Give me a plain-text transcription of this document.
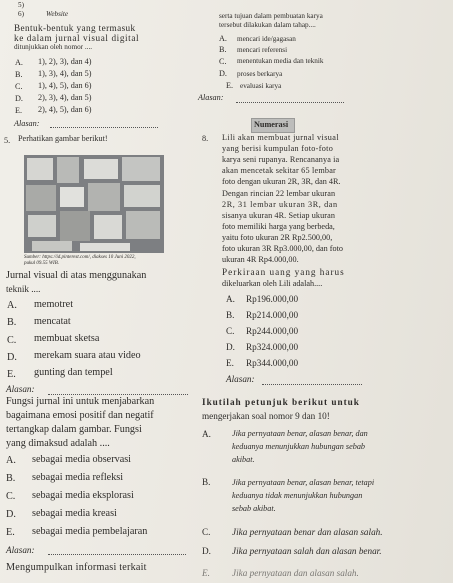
5)
6)	Website
Bentuk-bentuk yang termasuk
ke dalam jurnal visual digital
ditunjukkan oleh nomor ....
A. 1), 2), 3), dan 4)
B. 1), 3), 4), dan 5)
C. 1), 4), 5), dan 6)
D. 2), 3), 4), dan 5)
E. 2), 4), 5), dan 6)
Alasan:
serta tujuan dalam pembuatan karya
tersebut dilakukan dalam tahap....
A. mencari ide/gagasan
B. mencari referensi
C. menentukan media dan teknik
D. proses berkarya
E. evaluasi karya
Alasan:
Numerasi
5. Perhatikan gambar berikut!
Sumber: https://id.pinterest.com/, diakses 10 Juni 2022,
pukul 09.55 WIB.
Jurnal visual di atas menggunakan
teknik ....
A. memotret
B. mencatat
C. membuat sketsa
D. merekam suara atau video
E. gunting dan tempel
Alasan:
8. Lili akan membuat jurnal visual
yang berisi kumpulan foto-foto
karya seni rupanya. Rencananya ia
akan mencetak sekitar 65 lembar
foto dengan ukuran 2R, 3R, dan 4R.
Dengan rincian 22 lembar ukuran
2R, 31 lembar ukuran 3R, dan
sisanya ukuran 4R. Setiap ukuran
foto memiliki harga yang berbeda,
yaitu foto ukuran 2R Rp2.500,00,
foto ukuran 3R Rp3.000,00, dan foto
ukuran 4R Rp4.000,00.
Perkiraan uang yang harus
dikeluarkan oleh Lili adalah....
A. Rp196.000,00
B. Rp214.000,00
C. Rp244.000,00
D. Rp324.000,00
E. Rp344.000,00
Alasan:
Fungsi jurnal ini untuk menjabarkan
bagaimana emosi positif dan negatif
tertangkap dalam gambar. Fungsi
yang dimaksud adalah ....
A. sebagai media observasi
B. sebagai media refleksi
C. sebagai media eksplorasi
D. sebagai media kreasi
E. sebagai media pembelajaran
Alasan:
Mengumpulkan informasi terkait
Ikutilah petunjuk berikut untuk
mengerjakan soal nomor 9 dan 10!
A.	Jika pernyataan benar, alasan benar, dan
keduanya menunjukkan hubungan sebab
akibat.
B.	Jika pernyataan benar, alasan benar, tetapi
keduanya tidak menunjukkan hubungan
sebab akibat.
C. Jika pernyataan benar dan alasan salah.
D. Jika pernyataan salah dan alasan benar.
E. Jika pernyataan dan alasan salah.
